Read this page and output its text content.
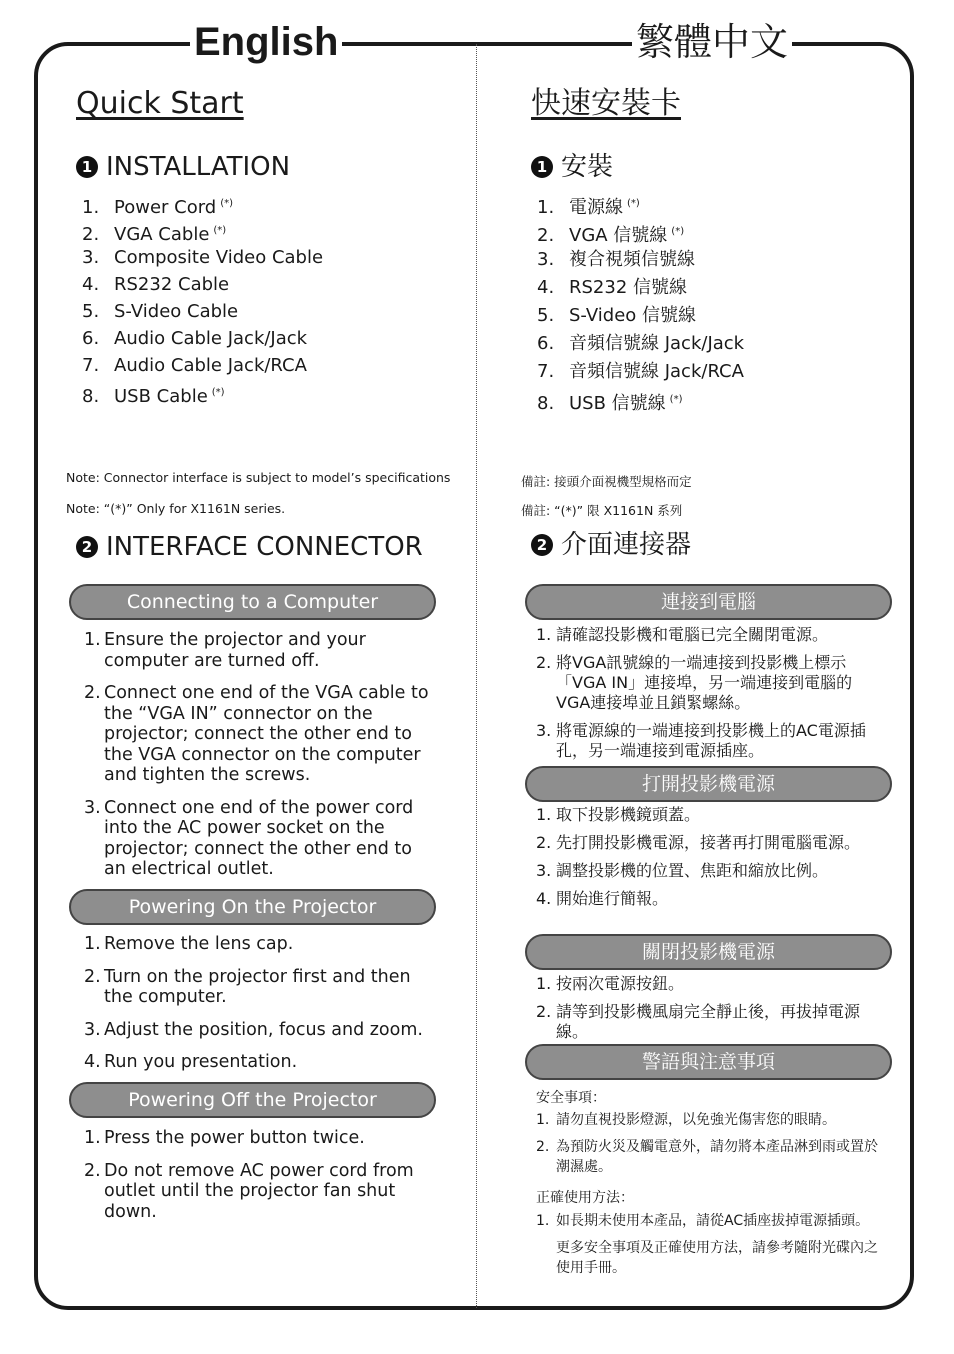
English	繁體中文
Quick Start
1 INSTALLATION
1. Power Cord (*)
2. VGA Cable (*)
3. Composite Video Cable
4. RS232 Cable
5. S-Video Cable
6. Audio Cable Jack/Jack
7. Audio Cable Jack/RCA
8. USB Cable (*)
Note: Connector interface is subject to model’s specifications
Note: “(*)” Only for X1161N series.
2 INTERFACE CONNECTOR
Connecting to a Computer
1. Ensure the projector and your computer are turned off.
2. Connect one end of the VGA cable to the “VGA IN” connector on the projector; connect the other end to the VGA connector on the computer and tighten the screws.
3. Connect one end of the power cord into the AC power socket on the projector; connect the other end to an electrical outlet.
Powering On the Projector
1. Remove the lens cap.
2. Turn on the projector first and then the computer.
3. Adjust the position, focus and zoom.
4. Run you presentation.
Powering Off the Projector
1. Press the power button twice.
2. Do not remove AC power cord from outlet until the projector fan shut down.
快速安裝卡
1 安裝
1. 電源線 (*)
2. VGA 信號線 (*)
3. 複合視頻信號線
4. RS232 信號線
5. S-Video 信號線
6. 音頻信號線 Jack/Jack
7. 音頻信號線 Jack/RCA
8. USB 信號線 (*)
備註: 接頭介面視機型規格而定
備註: “(*)” 限 X1161N 系列
2 介面連接器
連接到電腦
1. 請確認投影機和電腦已完全關閉電源。
2. 將VGA訊號線的一端連接到投影機上標示「VGA IN」連接埠，另一端連接到電腦的VGA連接埠並且鎖緊螺絲。
3. 將電源線的一端連接到投影機上的AC電源插孔，另一端連接到電源插座。
打開投影機電源
1. 取下投影機鏡頭蓋。
2. 先打開投影機電源，接著再打開電腦電源。
3. 調整投影機的位置、焦距和縮放比例。
4. 開始進行簡報。
關閉投影機電源
1. 按兩次電源按鈕。
2. 請等到投影機風扇完全靜止後，再拔掉電源線。
警語與注意事項
安全事項：
1. 請勿直視投影燈源，以免強光傷害您的眼睛。
2. 為預防火災及觸電意外，請勿將本產品淋到雨或置於潮濕處。
正確使用方法：
1. 如長期未使用本產品，請從AC插座拔掉電源插頭。
更多安全事項及正確使用方法，請參考隨附光碟內之使用手冊。
